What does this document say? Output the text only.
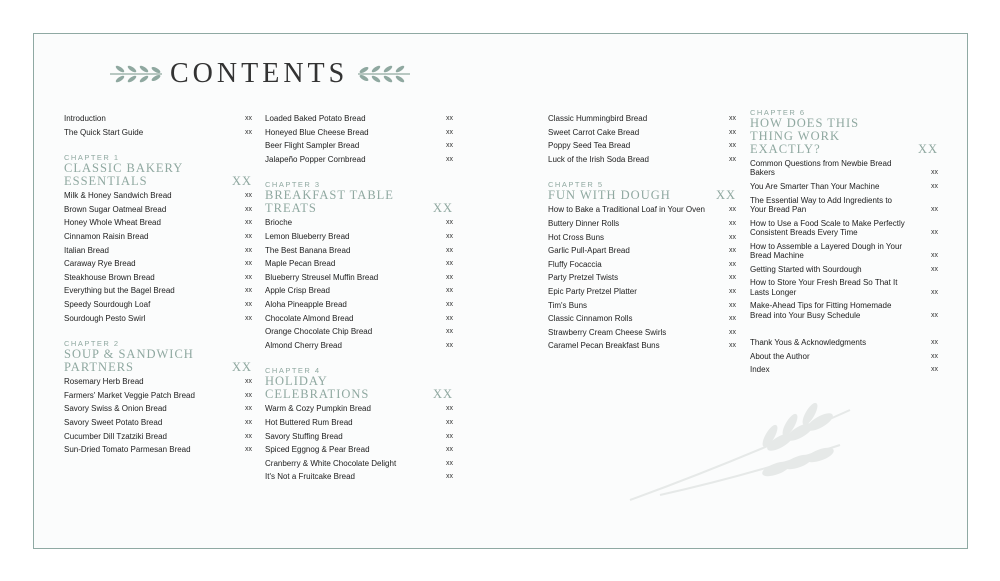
CONTENTS
Introduction	xx
The Quick Start Guide	xx
CHAPTER 1
CLASSIC BAKERY ESSENTIALS	XX
Milk & Honey Sandwich Bread	xx
Brown Sugar Oatmeal Bread	xx
Honey Whole Wheat Bread	xx
Cinnamon Raisin Bread	xx
Italian Bread	xx
Caraway Rye Bread	xx
Steakhouse Brown Bread	xx
Everything but the Bagel Bread	xx
Speedy Sourdough Loaf	xx
Sourdough Pesto Swirl	xx
CHAPTER 2
SOUP & SANDWICH PARTNERS	XX
Rosemary Herb Bread	xx
Farmers' Market Veggie Patch Bread	xx
Savory Swiss & Onion Bread	xx
Savory Sweet Potato Bread	xx
Cucumber Dill Tzatziki Bread	xx
Sun-Dried Tomato Parmesan Bread	xx
Loaded Baked Potato Bread	xx
Honeyed Blue Cheese Bread	xx
Beer Flight Sampler Bread	xx
Jalapeño Popper Cornbread	xx
CHAPTER 3
BREAKFAST TABLE TREATS	XX
Brioche	xx
Lemon Blueberry Bread	xx
The Best Banana Bread	xx
Maple Pecan Bread	xx
Blueberry Streusel Muffin Bread	xx
Apple Crisp Bread	xx
Aloha Pineapple Bread	xx
Chocolate Almond Bread	xx
Orange Chocolate Chip Bread	xx
Almond Cherry Bread	xx
CHAPTER 4
HOLIDAY CELEBRATIONS	XX
Warm & Cozy Pumpkin Bread	xx
Hot Buttered Rum Bread	xx
Savory Stuffing Bread	xx
Spiced Eggnog & Pear Bread	xx
Cranberry & White Chocolate Delight	xx
It's Not a Fruitcake Bread	xx
Classic Hummingbird Bread	xx
Sweet Carrot Cake Bread	xx
Poppy Seed Tea Bread	xx
Luck of the Irish Soda Bread	xx
CHAPTER 5
FUN WITH DOUGH	XX
How to Bake a Traditional Loaf in Your Oven	xx
Buttery Dinner Rolls	xx
Hot Cross Buns	xx
Garlic Pull-Apart Bread	xx
Fluffy Focaccia	xx
Party Pretzel Twists	xx
Epic Party Pretzel Platter	xx
Tim's Buns	xx
Classic Cinnamon Rolls	xx
Strawberry Cream Cheese Swirls	xx
Caramel Pecan Breakfast Buns	xx
CHAPTER 6
HOW DOES THIS THING WORK EXACTLY?	XX
Common Questions from Newbie Bread Bakers	xx
You Are Smarter Than Your Machine	xx
The Essential Way to Add Ingredients to Your Bread Pan	xx
How to Use a Food Scale to Make Perfectly Consistent Breads Every Time	xx
How to Assemble a Layered Dough in Your Bread Machine	xx
Getting Started with Sourdough	xx
How to Store Your Fresh Bread So That It Lasts Longer	xx
Make-Ahead Tips for Fitting Homemade Bread into Your Busy Schedule	xx
Thank Yous & Acknowledgments	xx
About the Author	xx
Index	xx
